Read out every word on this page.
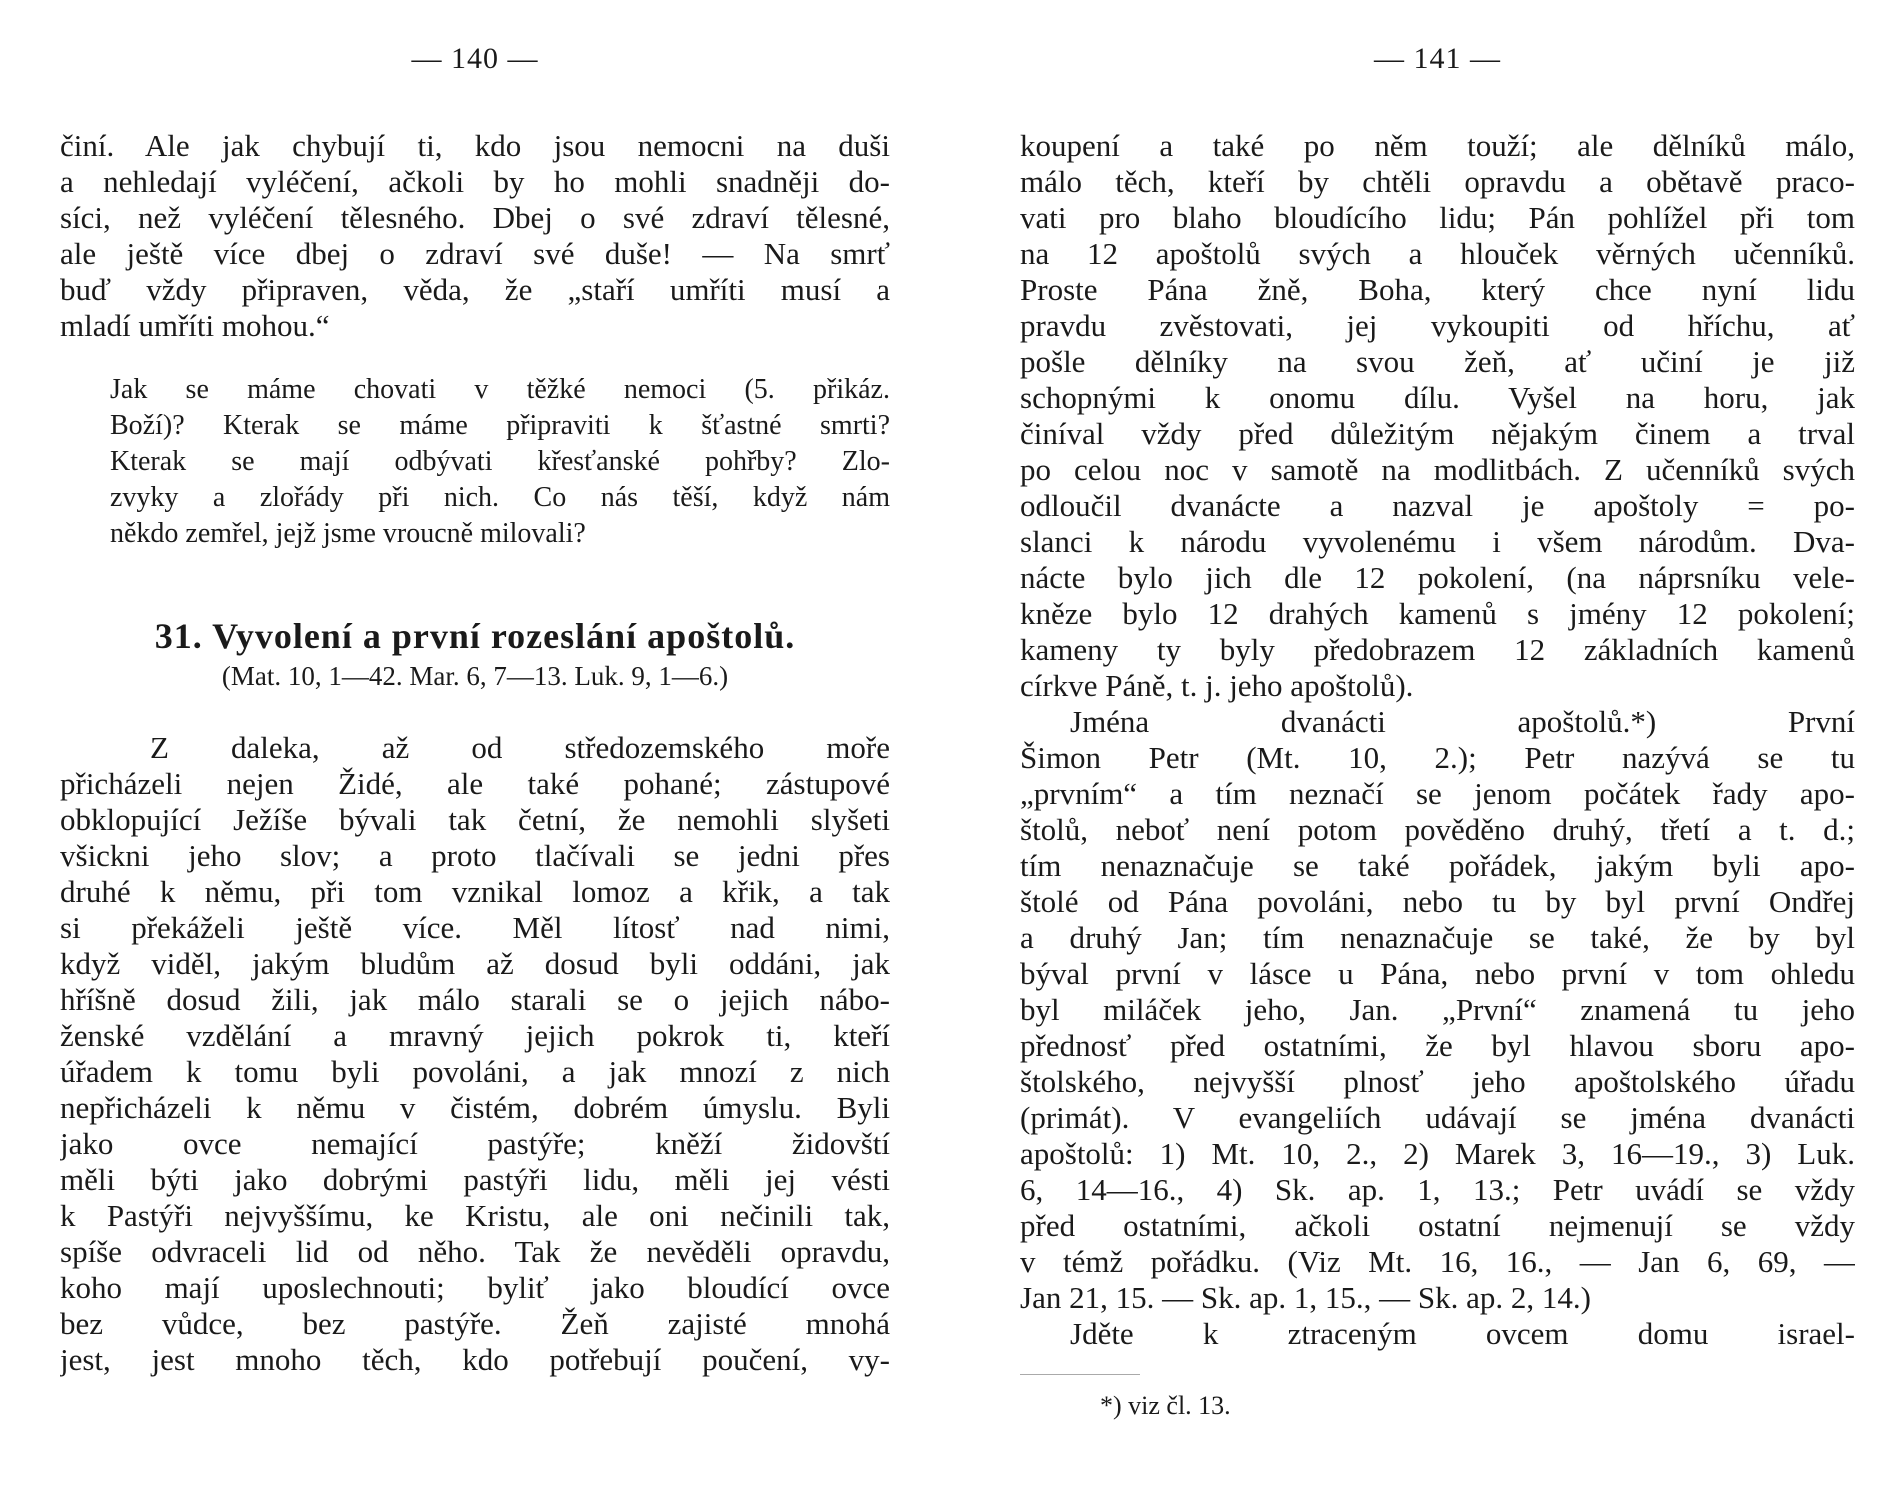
— 140 —
činí. Ale jak chybují ti, kdo jsou nemocni na duši
a nehledají vyléčení, ačkoli by ho mohli snadněji do-
síci, než vyléčení tělesného. Dbej o své zdraví tělesné,
ale ještě více dbej o zdraví své duše! — Na smrť
buď vždy připraven, věda, že „staří umříti musí a
mladí umříti mohou.“
Jak se máme chovati v těžké nemoci (5. přikáz.
Boží)? Kterak se máme připraviti k šťastné smrti?
Kterak se mají odbývati křesťanské pohřby? Zlo-
zvyky a zlořády při nich. Co nás těší, když nám
někdo zemřel, jejž jsme vroucně milovali?
31. Vyvolení a první rozeslání apoštolů.
(Mat. 10, 1—42. Mar. 6, 7—13. Luk. 9, 1—6.)
Z daleka, až od středozemského moře
přicházeli nejen Židé, ale také pohané; zástupové
obklopující Ježíše bývali tak četní, že nemohli slyšeti
všickni jeho slov; a proto tlačívali se jedni přes
druhé k němu, při tom vznikal lomoz a křik, a tak
si překáželi ještě více. Měl lítosť nad nimi,
když viděl, jakým bludům až dosud byli oddáni, jak
hříšně dosud žili, jak málo starali se o jejich nábo-
ženské vzdělání a mravný jejich pokrok ti, kteří
úřadem k tomu byli povoláni, a jak mnozí z nich
nepřicházeli k němu v čistém, dobrém úmyslu. Byli
jako ovce nemající pastýře; kněží židovští
měli býti jako dobrými pastýři lidu, měli jej vésti
k Pastýři nejvyššímu, ke Kristu, ale oni nečinili tak,
spíše odvraceli lid od něho. Tak že nevěděli opravdu,
koho mají uposlechnouti; byliť jako bloudící ovce
bez vůdce, bez pastýře. Žeň zajisté mnohá
jest, jest mnoho těch, kdo potřebují poučení, vy-
— 141 —
koupení a také po něm touží; ale dělníků málo,
málo těch, kteří by chtěli opravdu a obětavě praco-
vati pro blaho bloudícího lidu; Pán pohlížel při tom
na 12 apoštolů svých a hlouček věrných učenníků.
Proste Pána žně, Boha, který chce nyní lidu
pravdu zvěstovati, jej vykoupiti od hříchu, ať
pošle dělníky na svou žeň, ať učiní je již
schopnými k onomu dílu. Vyšel na horu, jak
činíval vždy před důležitým nějakým činem a trval
po celou noc v samotě na modlitbách. Z učenníků svých
odloučil dvanácte a nazval je apoštoly = po-
slanci k národu vyvolenému i všem národům. Dva-
nácte bylo jich dle 12 pokolení, (na náprsníku vele-
kněze bylo 12 drahých kamenů s jmény 12 pokolení;
kameny ty byly předobrazem 12 základních kamenů
církve Páně, t. j. jeho apoštolů).
Jména dvanácti apoštolů.*) První
Šimon Petr (Mt. 10, 2.); Petr nazývá se tu
„prvním“ a tím neznačí se jenom počátek řady apo-
štolů, neboť není potom pověděno druhý, třetí a t. d.;
tím nenaznačuje se také pořádek, jakým byli apo-
štolé od Pána povoláni, nebo tu by byl první Ondřej
a druhý Jan; tím nenaznačuje se také, že by byl
býval první v lásce u Pána, nebo první v tom ohledu
byl miláček jeho, Jan. „První“ znamená tu jeho
přednosť před ostatními, že byl hlavou sboru apo-
štolského, nejvyšší plnosť jeho apoštolského úřadu
(primát). V evangeliích udávají se jména dvanácti
apoštolů: 1) Mt. 10, 2., 2) Marek 3, 16—19., 3) Luk.
6, 14—16., 4) Sk. ap. 1, 13.; Petr uvádí se vždy
před ostatními, ačkoli ostatní nejmenují se vždy
v témž pořádku. (Viz Mt. 16, 16., — Jan 6, 69, —
Jan 21, 15. — Sk. ap. 1, 15., — Sk. ap. 2, 14.)
Jděte k ztraceným ovcem domu israel-
*) viz čl. 13.
